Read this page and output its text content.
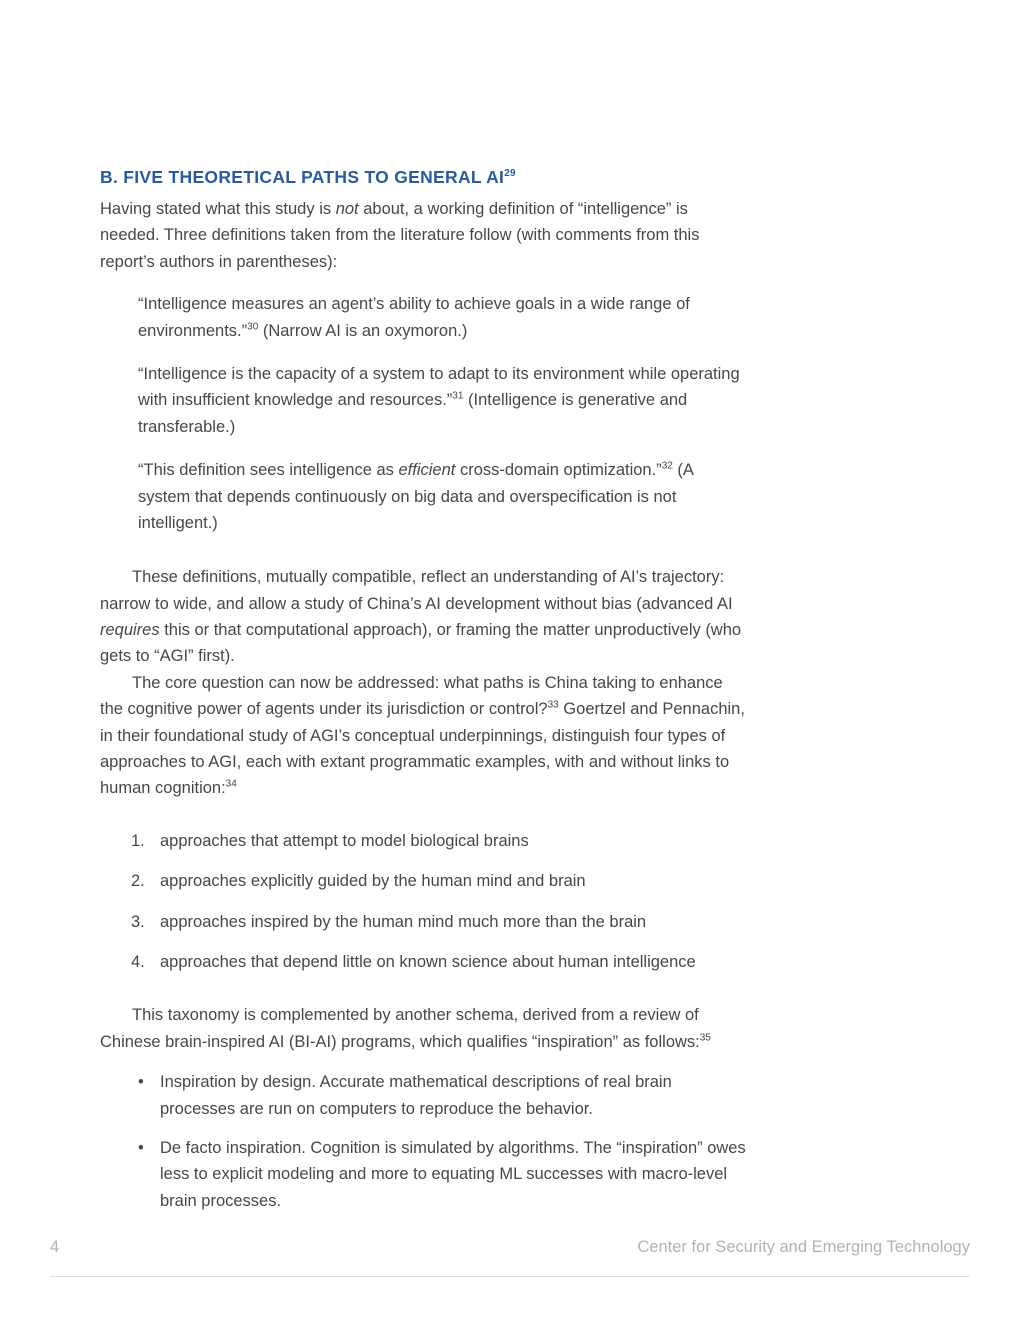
B. FIVE THEORETICAL PATHS TO GENERAL AI$^{29}$

Having stated what this study is not about, a working definition of “intelligence” is needed. Three definitions taken from the literature follow (with comments from this report’s authors in parentheses):

“Intelligence measures an agent’s ability to achieve goals in a wide range of environments.”$^{30}$ (Narrow AI is an oxymoron.)

“Intelligence is the capacity of a system to adapt to its environment while operating with insufficient knowledge and resources.”$^{31}$ (Intelligence is generative and transferable.)

“This definition sees intelligence as efficient cross-domain optimization.”$^{32}$ (A system that depends continuously on big data and overspecification is not intelligent.)

These definitions, mutually compatible, reflect an understanding of AI’s trajectory: narrow to wide, and allow a study of China’s AI development without bias (advanced AI requires this or that computational approach), or framing the matter unproductively (who gets to “AGI” first).

The core question can now be addressed: what paths is China taking to enhance the cognitive power of agents under its jurisdiction or control?$^{33}$ Goertzel and Pennachin, in their foundational study of AGI’s conceptual underpinnings, distinguish four types of approaches to AGI, each with extant programmatic examples, with and without links to human cognition:$^{34}$

1. approaches that attempt to model biological brains
2. approaches explicitly guided by the human mind and brain
3. approaches inspired by the human mind much more than the brain
4. approaches that depend little on known science about human intelligence

This taxonomy is complemented by another schema, derived from a review of Chinese brain-inspired AI (BI-AI) programs, which qualifies “inspiration” as follows:$^{35}$

• Inspiration by design. Accurate mathematical descriptions of real brain processes are run on computers to reproduce the behavior.
• De facto inspiration. Cognition is simulated by algorithms. The “inspiration” owes less to explicit modeling and more to equating ML successes with macro-level brain processes.
4	Center for Security and Emerging Technology
